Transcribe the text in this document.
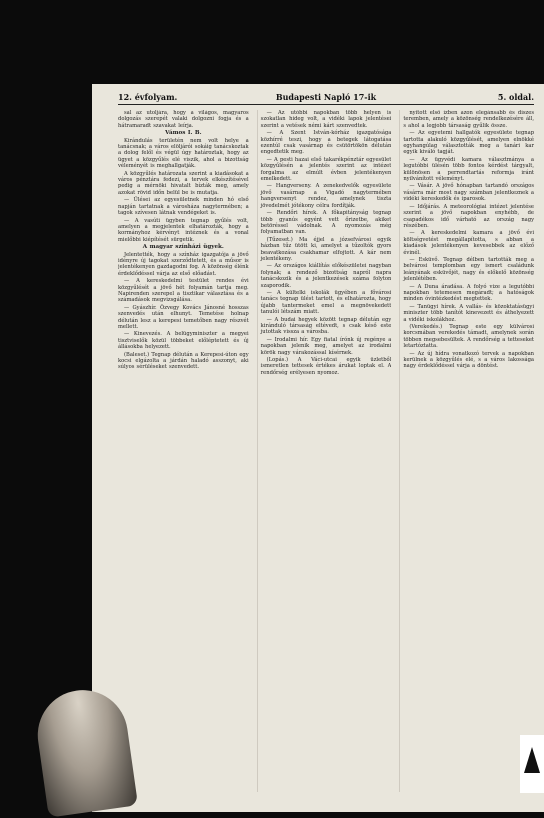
12. évfolyam.	Budapesti Napló 17-ik	5. oldal.

sal az utoljára, hogy a világos, magyaros dolgozás szerepét valaki dolgozni fogja és a hátramaradt szavakat leírja.

Vámos I. B.

Kirándulás területén nem volt helye a tanácsnak; a város elöljárói sokáig tanácskoztak a dolog felől és végül úgy határoztak, hogy az ügyet a közgyűlés elé viszik, ahol a bizottság véleményét is meghallgatják.

A közgyűlés határozata szerint a kiadásokat a város pénztára fedezi, a tervek elkészítésével pedig a mérnöki hivatalt bízták meg, amely azokat rövid időn belül be is mutatja.

— Ülései az egyesületnek minden hó első napján tartatnak a városháza nagytermében; a tagok szívesen látnak vendégeket is.

— A vasúti ügyben tegnap gyűlés volt, amelyen a megjelentek elhatározták, hogy a kormányhoz kérvényt intéznek és a vonal mielőbbi kiépítését sürgetik.

A magyar színházi ügyek.

Jelentették, hogy a színház igazgatója a jövő idényre új tagokat szerződtetett, és a műsor is jelentékenyen gazdagodni fog. A közönség élénk érdeklődéssel várja az első előadást.

— A kereskedelmi testület rendes évi közgyűlését a jövő hét folyamán tartja meg. Napirenden szerepel a tisztikar választása és a számadások megvizsgálása.

— Gyászhír. Özvegy Kovács Jánosné hosszas szenvedés után elhunyt. Temetése holnap délután lesz a kerepesi temetőben nagy részvét mellett.

— Kinevezés. A belügyminiszter a megyei tisztviselők közül többeket előléptetett és új állásokba helyezett.

(Baleset.) Tegnap délután a Kerepesi-úton egy kocsi elgázolta a járdán haladó asszonyt, aki súlyos sérüléseket szenvedett.

— Az utóbbi napokban több helyen is szokatlan hideg volt, a vidéki lapok jelentései szerint a vetések némi kárt szenvedtek.

— A Szent István-kórház igazgatósága közhírré teszi, hogy a betegek látogatása ezentúl csak vasárnap és csütörtökön délután engedtetik meg.

— A pesti hazai első takarékpénztár egyesület közgyűlésén a jelentés szerint az intézet forgalma az elmúlt évben jelentékenyen emelkedett.

— Hangverseny. A zenekedvelők egyesülete jövő vasárnap a Vigadó nagytermében hangversenyt rendez, amelynek tiszta jövedelmét jótékony célra fordítják.

— Rendőri hírek. A főkapitányság tegnap több gyanús egyént vett őrizetbe, akiket betöréssel vádolnak. A nyomozás még folyamatban van.

(Tűzeset.) Ma éjjel a józsefvárosi egyik házban tűz ütött ki, amelyet a tűzoltók gyors beavatkozása csakhamar elfojtott. A kár nem jelentékeny.

— Az országos kiállítás előkészületei nagyban folynak; a rendező bizottság napról napra tanácskozik és a jelentkezések száma folyton szaporodik.

— A kültelki iskolák ügyében a fővárosi tanács tegnap ülést tartott, és elhatározta, hogy újabb tantermeket emel a megnövekedett tanulói létszám miatt.

— A budai hegyek között tegnap délután egy kiránduló társaság eltévedt, s csak késő este jutottak vissza a városba.

— Irodalmi hír. Egy fiatal írónk új regénye a napokban jelenik meg, amelyet az irodalmi körök nagy várakozással kísérnek.

(Lopás.) A Váci-utcai egyik üzletből ismeretlen tettesek értékes árukat loptak el. A rendőrség erélyesen nyomoz.

nyitott első ízben azon elegánsabb és díszes teremben, amely a közönség rendelkezésére áll, s ahol a legjobb társaság gyűlik össze.

— Az egyetemi hallgatók egyesülete tegnap tartotta alakuló közgyűlését, amelyen elnökké egyhangúlag választották meg a tanári kar egyik kiváló tagját.

— Az ügyvédi kamara választmánya a legutóbbi ülésén több fontos kérdést tárgyalt, különösen a perrendtartás reformja iránt nyilvánított véleményt.

— Vásár. A jövő hónapban tartandó országos vásárra már most nagy számban jelentkeznek a vidéki kereskedők és iparosok.

— Időjárás. A meteorológiai intézet jelentése szerint a jövő napokban enyhébb, de csapadékos idő várható az ország nagy részében.

— A kereskedelmi kamara a jövő évi költségvetést megállapította, s abban a kiadások jelentékenyen kevesebbek az előző évinél.

— Esküvő. Tegnap délben tartották meg a belvárosi templomban egy ismert családunk leányának esküvőjét, nagy és előkelő közönség jelenlétében.

— A Duna áradása. A folyó vize a legutóbbi napokban tetemesen megáradt; a hatóságok minden óvintézkedést megtettek.

— Tanügyi hírek. A vallás- és közoktatásügyi miniszter több tanítót kinevezett és áthelyezett a vidéki iskolákhoz.

(Verekedés.) Tegnap este egy külvárosi korcsmában verekedés támadt, amelynek során többen megsebesültek. A rendőrség a tetteseket letartóztatta.

— Az új hídra vonatkozó tervek a napokban kerülnek a közgyűlés elé, s a város lakossága nagy érdeklődéssel várja a döntést.
